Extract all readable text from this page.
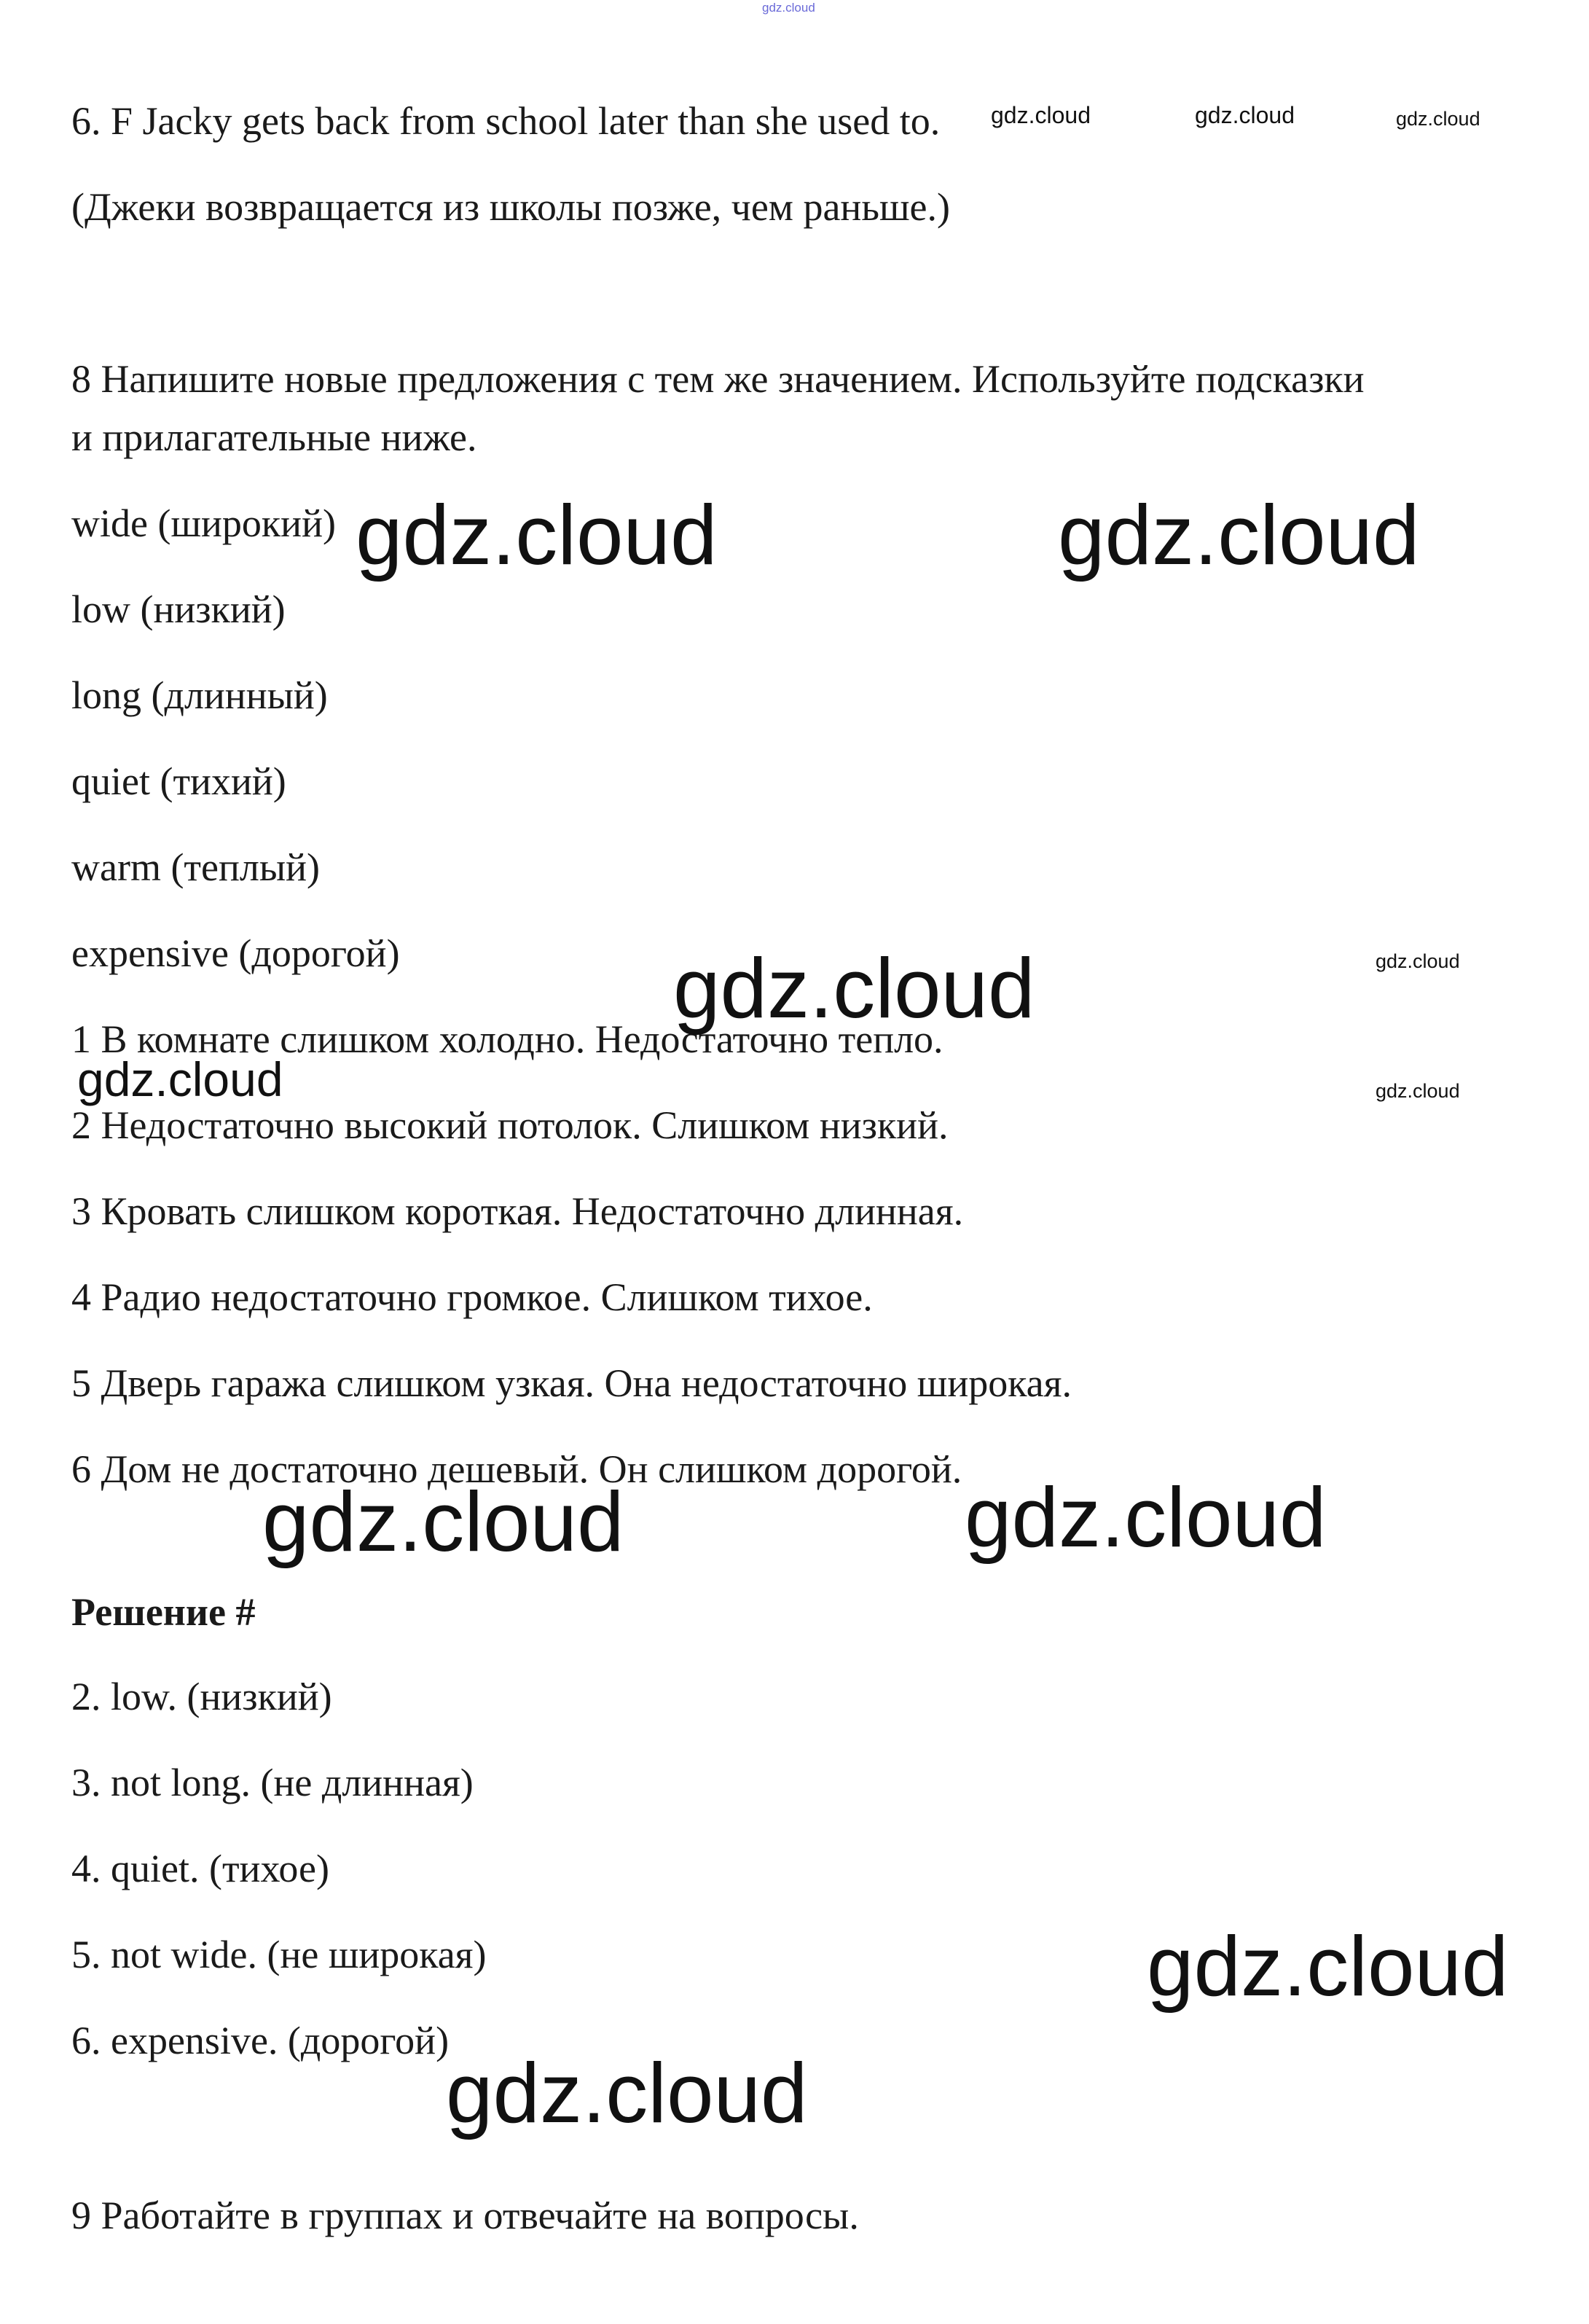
gdz.cloud
6. F Jacky gets back from school later than she used to.
(Джеки возвращается из школы позже, чем раньше.)
8 Напишите новые предложения с тем же значением. Используйте подсказки
и прилагательные ниже.
wide (широкий)
low (низкий)
long (длинный)
quiet (тихий)
warm (теплый)
expensive (дорогой)
1 В комнате слишком холодно. Недостаточно тепло.
2 Недостаточно высокий потолок. Слишком низкий.
3 Кровать слишком короткая. Недостаточно длинная.
4 Радио недостаточно громкое. Слишком тихое.
5 Дверь гаража слишком узкая. Она недостаточно широкая.
6 Дом не достаточно дешевый. Он слишком дорогой.
Решение #
2. low. (низкий)
3. not long. (не длинная)
4. quiet. (тихое)
5. not wide. (не широкая)
6. expensive. (дорогой)
9 Работайте в группах и отвечайте на вопросы.
gdz.cloud	gdz.cloud	gdz.cloud
gdz.cloud	gdz.cloud
gdz.cloud	gdz.cloud
gdz.cloud	gdz.cloud
gdz.cloud	gdz.cloud
gdz.cloud
gdz.cloud
